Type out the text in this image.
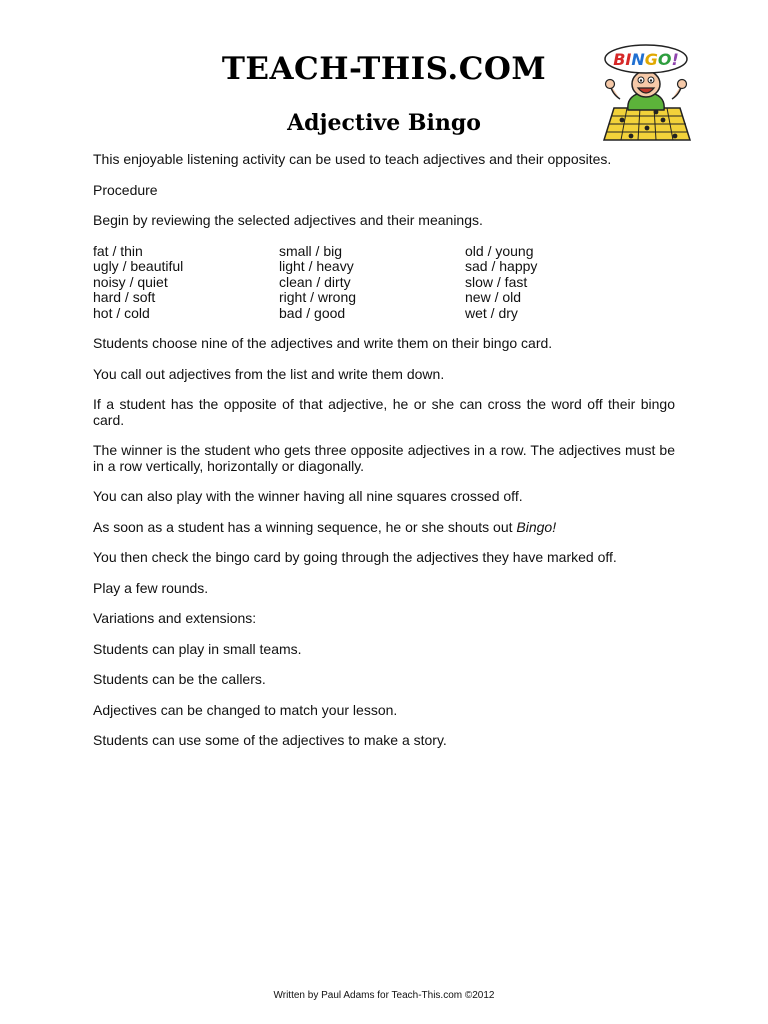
TEACH-THIS.COM
Adjective Bingo
BINGO!

This enjoyable listening activity can be used to teach adjectives and their opposites.

Procedure

Begin by reviewing the selected adjectives and their meanings.

fat / thin
ugly / beautiful
noisy / quiet
hard / soft
hot / cold
small / big
light / heavy
clean / dirty
right / wrong
bad / good
old / young
sad / happy
slow / fast
new / old
wet / dry

Students choose nine of the adjectives and write them on their bingo card.

You call out adjectives from the list and write them down.

If a student has the opposite of that adjective, he or she can cross the word off their bingo card.

The winner is the student who gets three opposite adjectives in a row. The adjectives must be in a row vertically, horizontally or diagonally.

You can also play with the winner having all nine squares crossed off.

As soon as a student has a winning sequence, he or she shouts out Bingo!

You then check the bingo card by going through the adjectives they have marked off.

Play a few rounds.

Variations and extensions:

Students can play in small teams.

Students can be the callers.

Adjectives can be changed to match your lesson.

Students can use some of the adjectives to make a story.

Written by Paul Adams for Teach-This.com ©2012
